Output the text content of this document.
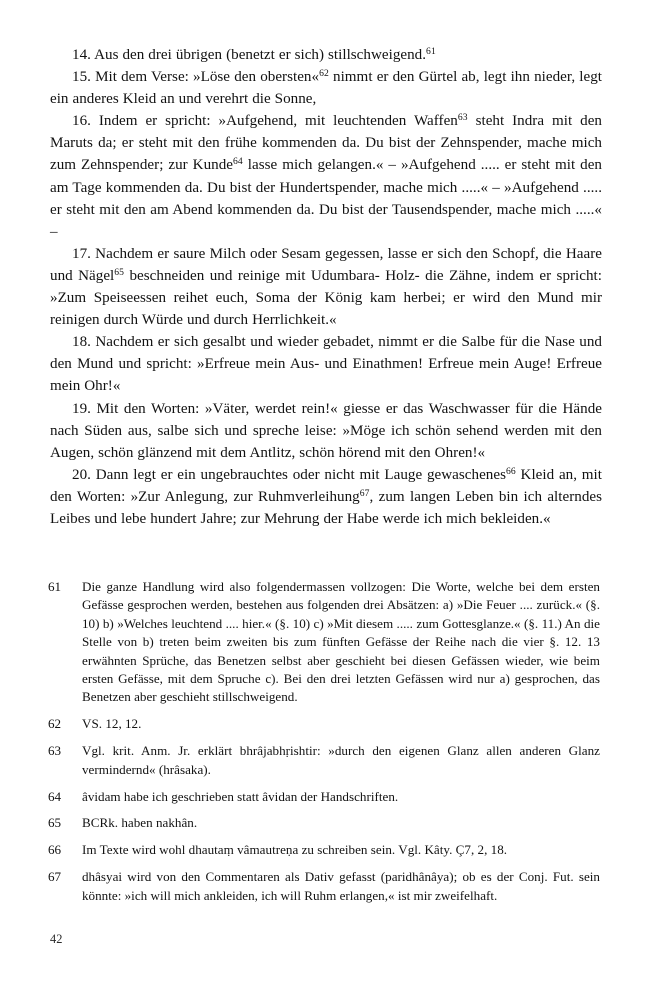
14. Aus den drei übrigen (benetzt er sich) stillschweigend.$^{61}$

15. Mit dem Verse: »Löse den obersten«$^{62}$ nimmt er den Gürtel ab, legt ihn nieder, legt ein anderes Kleid an und verehrt die Sonne,

16. Indem er spricht: »Aufgehend, mit leuchtenden Waffen$^{63}$ steht Indra mit den Maruts da; er steht mit den frühe kommenden da. Du bist der Zehnspender, mache mich zum Zehnspender; zur Kunde$^{64}$ lasse mich gelangen.« – »Aufgehend ..... er steht mit den am Tage kommenden da. Du bist der Hundertspender, mache mich .....« – »Aufgehend ..... er steht mit den am Abend kommenden da. Du bist der Tausendspender, mache mich .....« –

17. Nachdem er saure Milch oder Sesam gegessen, lasse er sich den Schopf, die Haare und Nägel$^{65}$ beschneiden und reinige mit Udumbara- Holz- die Zähne, indem er spricht: »Zum Speiseessen reihet euch, Soma der König kam herbei; er wird den Mund mir reinigen durch Würde und durch Herrlichkeit.«

18. Nachdem er sich gesalbt und wieder gebadet, nimmt er die Salbe für die Nase und den Mund und spricht: »Erfreue mein Aus- und Einathmen! Erfreue mein Auge! Erfreue mein Ohr!«

19. Mit den Worten: »Väter, werdet rein!« giesse er das Waschwasser für die Hände nach Süden aus, salbe sich und spreche leise: »Möge ich schön sehend werden mit den Augen, schön glänzend mit dem Antlitz, schön hörend mit den Ohren!«

20. Dann legt er ein ungebrauchtes oder nicht mit Lauge gewaschenes$^{66}$ Kleid an, mit den Worten: »Zur Anlegung, zur Ruhmverleihung$^{67}$, zum langen Leben bin ich alterndes Leibes und lebe hundert Jahre; zur Mehrung der Habe werde ich mich bekleiden.«

61	Die ganze Handlung wird also folgendermassen vollzogen: Die Worte, welche bei dem ersten Gefässe gesprochen werden, bestehen aus folgenden drei Absätzen: a) »Die Feuer .... zurück.« (§. 10) b) »Welches leuchtend .... hier.« (§. 10) c) »Mit diesem ..... zum Gottesglanze.« (§. 11.) An die Stelle von b) treten beim zweiten bis zum fünften Gefässe der Reihe nach die vier §. 12. 13 erwähnten Sprüche, das Benetzen selbst aber geschieht bei diesen Gefässen wieder, wie beim ersten Gefässe, mit dem Spruche c). Bei den drei letzten Gefässen wird nur a) gesprochen, das Benetzen aber geschieht stillschweigend.
62	VS. 12, 12.
63	Vgl. krit. Anm. Jr. erklärt bhrâjabhṛishtir: »durch den eigenen Glanz allen anderen Glanz vermindernd« (hrâsaka).
64	âvidam habe ich geschrieben statt âvidan der Handschriften.
65	BCRk. haben nakhân.
66	Im Texte wird wohl dhautaṃ vâmautreṇa zu schreiben sein. Vgl. Kâty. Ç7, 2, 18.
67	dhâsyai wird von den Commentaren als Dativ gefasst (paridhânâya); ob es der Conj. Fut. sein könnte: »ich will mich ankleiden, ich will Ruhm erlangen,« ist mir zweifelhaft.
42
